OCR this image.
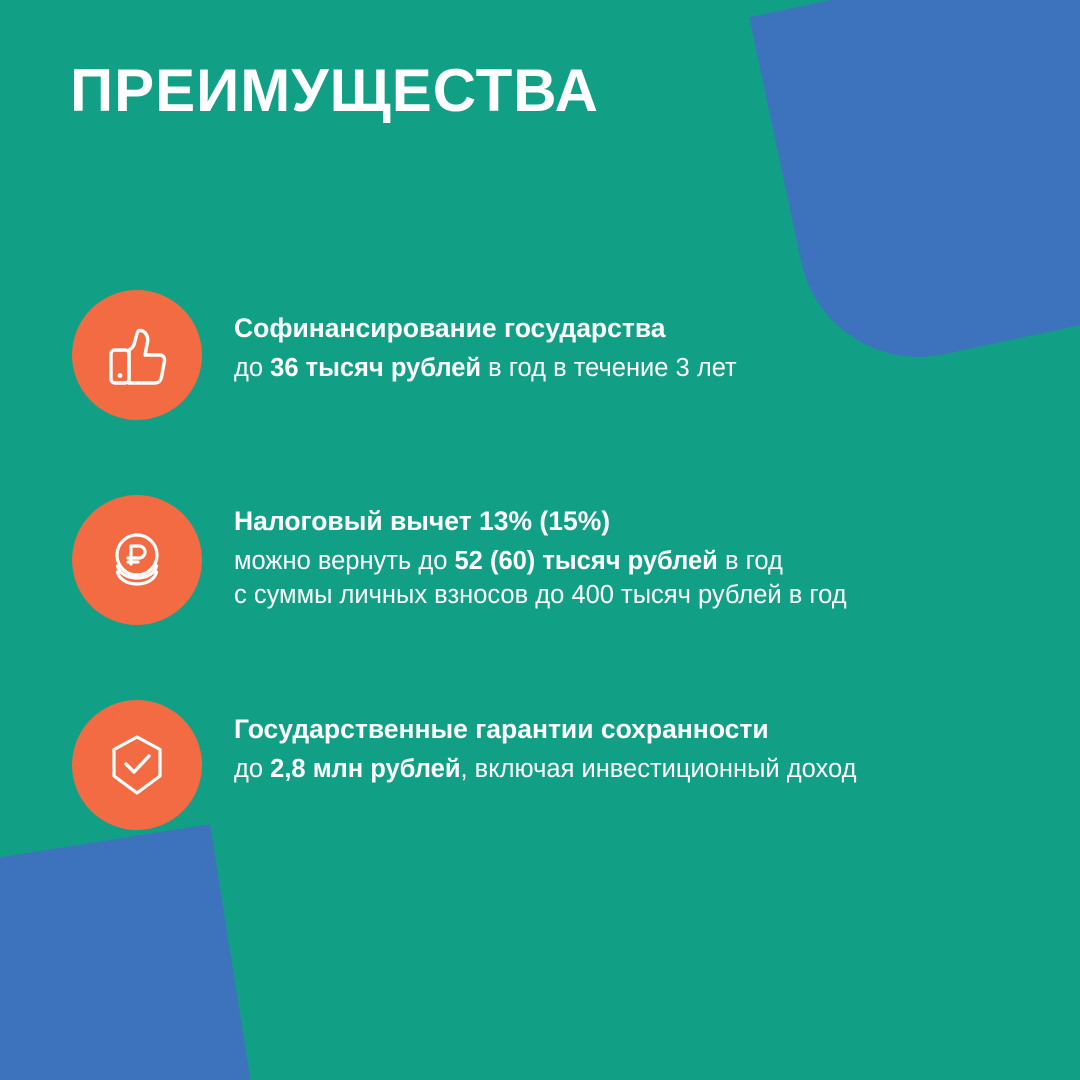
ПРЕИМУЩЕСТВА
Софинансирование государства
до 36 тысяч рублей в год в течение 3 лет
Налоговый вычет 13% (15%)
можно вернуть до 52 (60) тысяч рублей в год
с суммы личных взносов до 400 тысяч рублей в год
Государственные гарантии сохранности
до 2,8 млн рублей, включая инвестиционный доход
